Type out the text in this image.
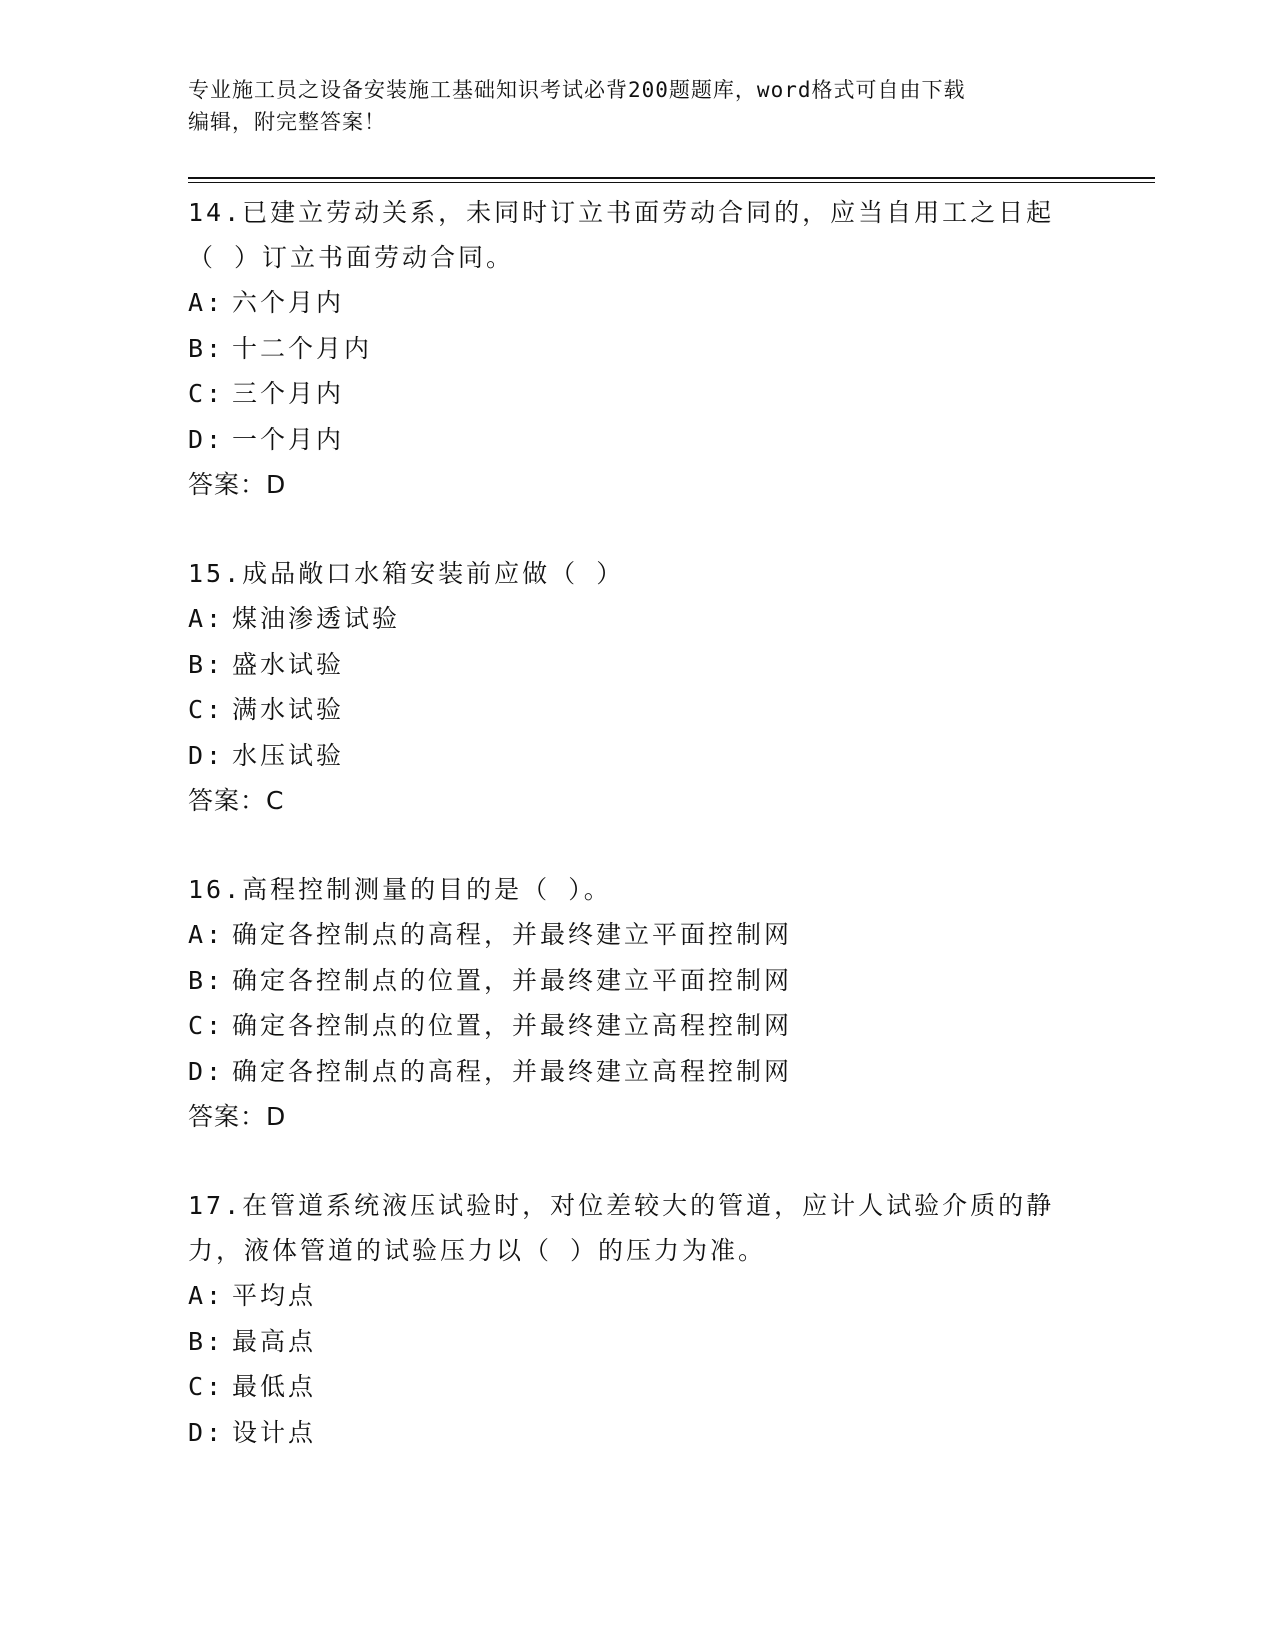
专业施工员之设备安装施工基础知识考试必背200题题库，word格式可自由下载
编辑，附完整答案！
14.已建立劳动关系，未同时订立书面劳动合同的，应当自用工之日起
（ ）订立书面劳动合同。
A: 六个月内
B: 十二个月内
C: 三个月内
D: 一个月内
答案：D
15.成品敞口水箱安装前应做（ ）
A: 煤油渗透试验
B: 盛水试验
C: 满水试验
D: 水压试验
答案：C
16.高程控制测量的目的是（ ）。
A: 确定各控制点的高程，并最终建立平面控制网
B: 确定各控制点的位置，并最终建立平面控制网
C: 确定各控制点的位置，并最终建立高程控制网
D: 确定各控制点的高程，并最终建立高程控制网
答案：D
17.在管道系统液压试验时，对位差较大的管道，应计人试验介质的静
力，液体管道的试验压力以（ ）的压力为准。
A: 平均点
B: 最高点
C: 最低点
D: 设计点
